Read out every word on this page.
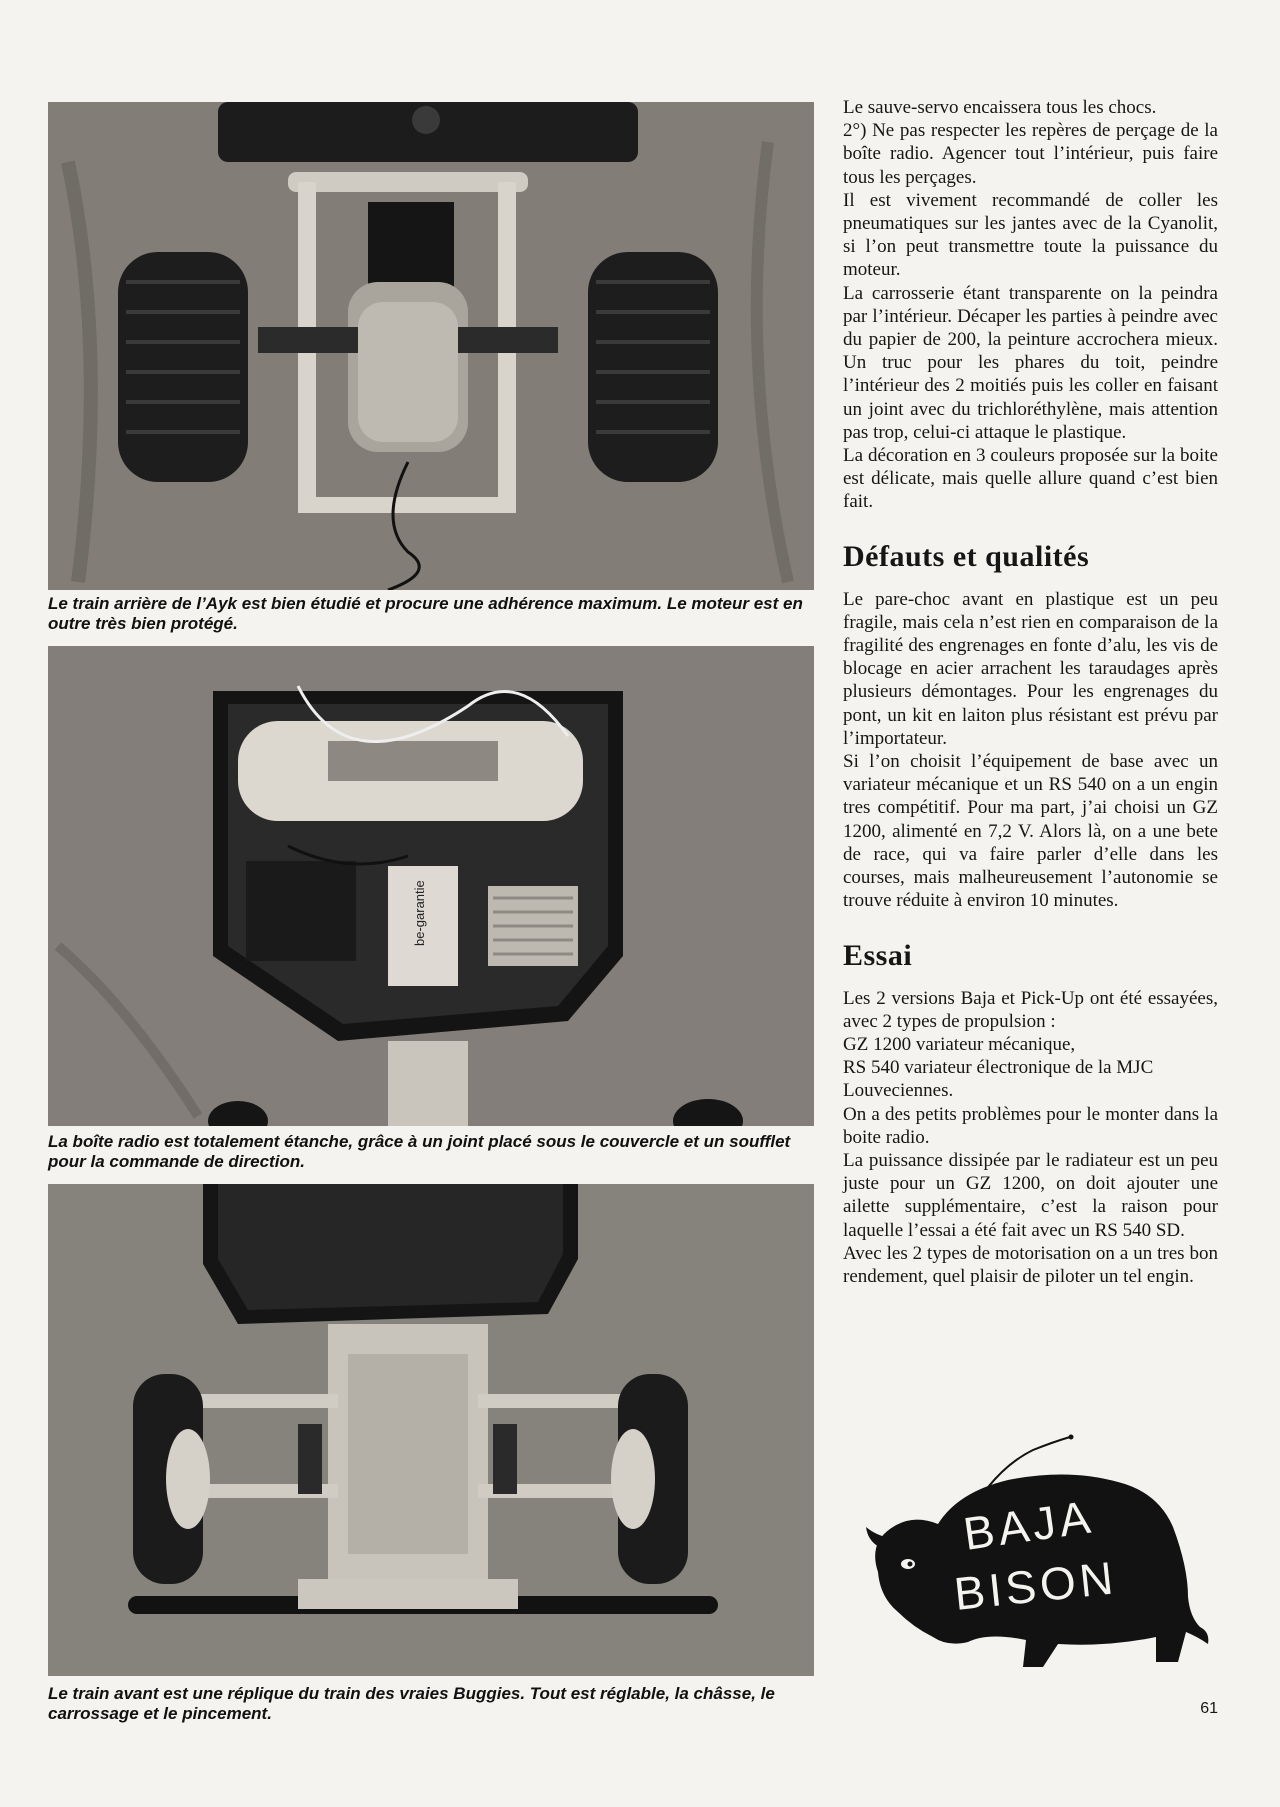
Le train arrière de l’Ayk est bien étudié et procure une adhérence maximum. Le moteur est en outre très bien protégé.
be-garantie
La boîte radio est totalement étanche, grâce à un joint placé sous le couvercle et un soufflet pour la commande de direction.
Le train avant est une réplique du train des vraies Buggies. Tout est réglable, la châsse, le carrossage et le pincement.

Le sauve-servo encaissera tous les chocs.

2°) Ne pas respecter les repères de perçage de la boîte radio. Agencer tout l’intérieur, puis faire tous les perçages.

Il est vivement recommandé de coller les pneumatiques sur les jantes avec de la Cyanolit, si l’on peut transmettre toute la puissance du moteur.

La carrosserie étant transparente on la peindra par l’intérieur. Décaper les parties à peindre avec du papier de 200, la peinture accrochera mieux. Un truc pour les phares du toit, peindre l’intérieur des 2 moitiés puis les coller en faisant un joint avec du trichloréthylène, mais attention pas trop, celui-ci attaque le plastique.

La décoration en 3 couleurs proposée sur la boite est délicate, mais quelle allure quand c’est bien fait.

Défauts et qualités

Le pare-choc avant en plastique est un peu fragile, mais cela n’est rien en comparaison de la fragilité des engrenages en fonte d’alu, les vis de blocage en acier arrachent les taraudages après plusieurs démontages. Pour les engrenages du pont, un kit en laiton plus résistant est prévu par l’importateur.

Si l’on choisit l’équipement de base avec un variateur mécanique et un RS 540 on a un engin tres compétitif. Pour ma part, j’ai choisi un GZ 1200, alimenté en 7,2 V. Alors là, on a une bete de race, qui va faire parler d’elle dans les courses, mais malheureusement l’autonomie se trouve réduite à environ 10 minutes.

Essai

Les 2 versions Baja et Pick-Up ont été essayées, avec 2 types de propulsion :

GZ 1200 variateur mécanique,

RS 540 variateur électronique de la MJC Louveciennes.

On a des petits problèmes pour le monter dans la boite radio.

La puissance dissipée par le radiateur est un peu juste pour un GZ 1200, on doit ajouter une ailette supplémentaire, c’est la raison pour laquelle l’essai a été fait avec un RS 540 SD.

Avec les 2 types de motorisation on a un tres bon rendement, quel plaisir de piloter un tel engin.

BAJA
BISON
61
